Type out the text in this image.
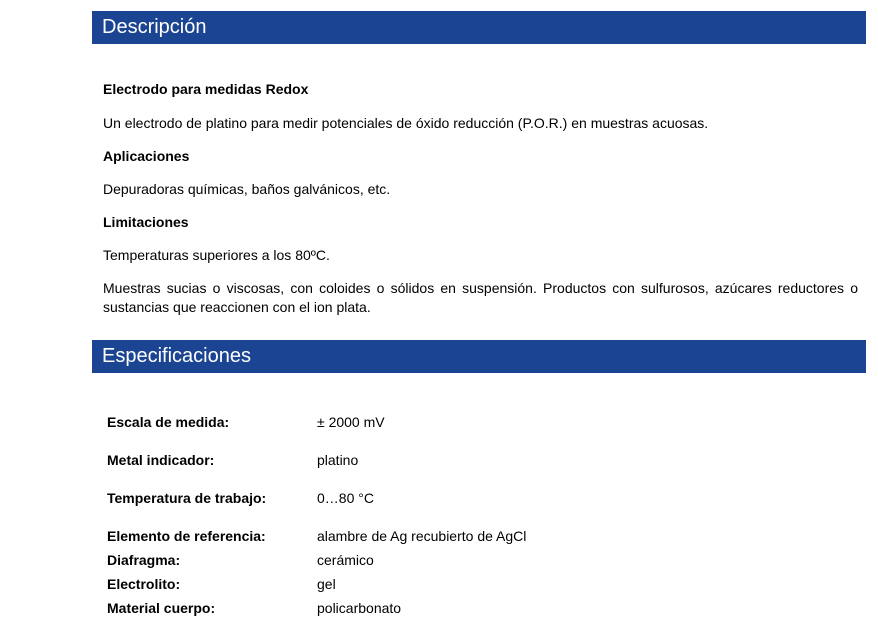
Descripción

Electrodo para medidas Redox

Un electrodo de platino para medir potenciales de óxido reducción (P.O.R.) en muestras acuosas.

Aplicaciones

Depuradoras químicas, baños galvánicos, etc.

Limitaciones

Temperaturas superiores a los 80ºC.

Muestras sucias o viscosas, con coloides o sólidos en suspensión. Productos con sulfurosos, azúcares reductores o sustancias que reaccionen con el ion plata.

Especificaciones
Escala de medida:	± 2000 mV
Metal indicador:	platino
Temperatura de trabajo:	0…80 °C
Elemento de referencia:	alambre de Ag recubierto de AgCl
Diafragma:	cerámico
Electrolito:	gel
Material cuerpo:	policarbonato
